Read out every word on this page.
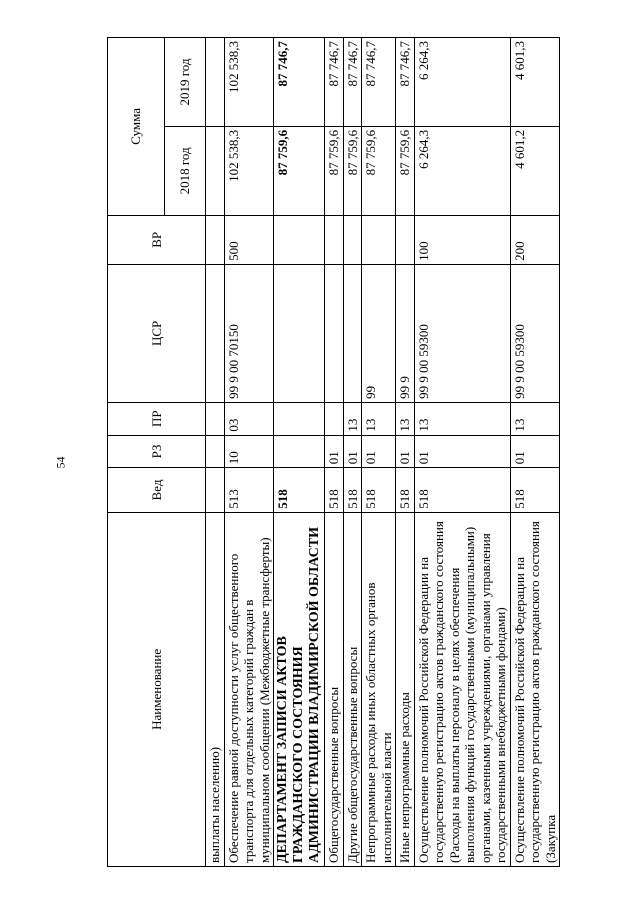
54
Наименование	Вед	РЗ	ПР	ЦСР	ВР	Сумма	
						2018 год	2019 год
выплаты населению)							
Обеспечение равной доступности услуг общественного транспорта для отдельных категорий граждан в муниципальном сообщении (Межбюджетные трансферты)	513	10	03	99 9 00 70150	500	102 538,3	102 538,3
ДЕПАРТАМЕНТ ЗАПИСИ АКТОВ ГРАЖДАНСКОГО СОСТОЯНИЯ АДМИНИСТРАЦИИ ВЛАДИМИРСКОЙ ОБЛАСТИ	518					87 759,6	87 746,7
Общегосударственные вопросы	518	01				87 759,6	87 746,7
Другие общегосударственные вопросы	518	01	13			87 759,6	87 746,7
Непрограммные расходы иных областных органов исполнительной власти	518	01	13	99		87 759,6	87 746,7
Иные непрограммные расходы	518	01	13	99 9		87 759,6	87 746,7
Осуществление полномочий Российской Федерации на государственную регистрацию актов гражданского состояния (Расходы на выплаты персоналу в целях обеспечения выполнения функций государственными (муниципальными) органами, казенными учреждениями, органами управления государственными внебюджетными фондами)	518	01	13	99 9 00 59300	100	6 264,3	6 264,3
Осуществление полномочий Российской Федерации на государственную регистрацию актов гражданского состояния (Закупка	518	01	13	99 9 00 59300	200	4 601,2	4 601,3
